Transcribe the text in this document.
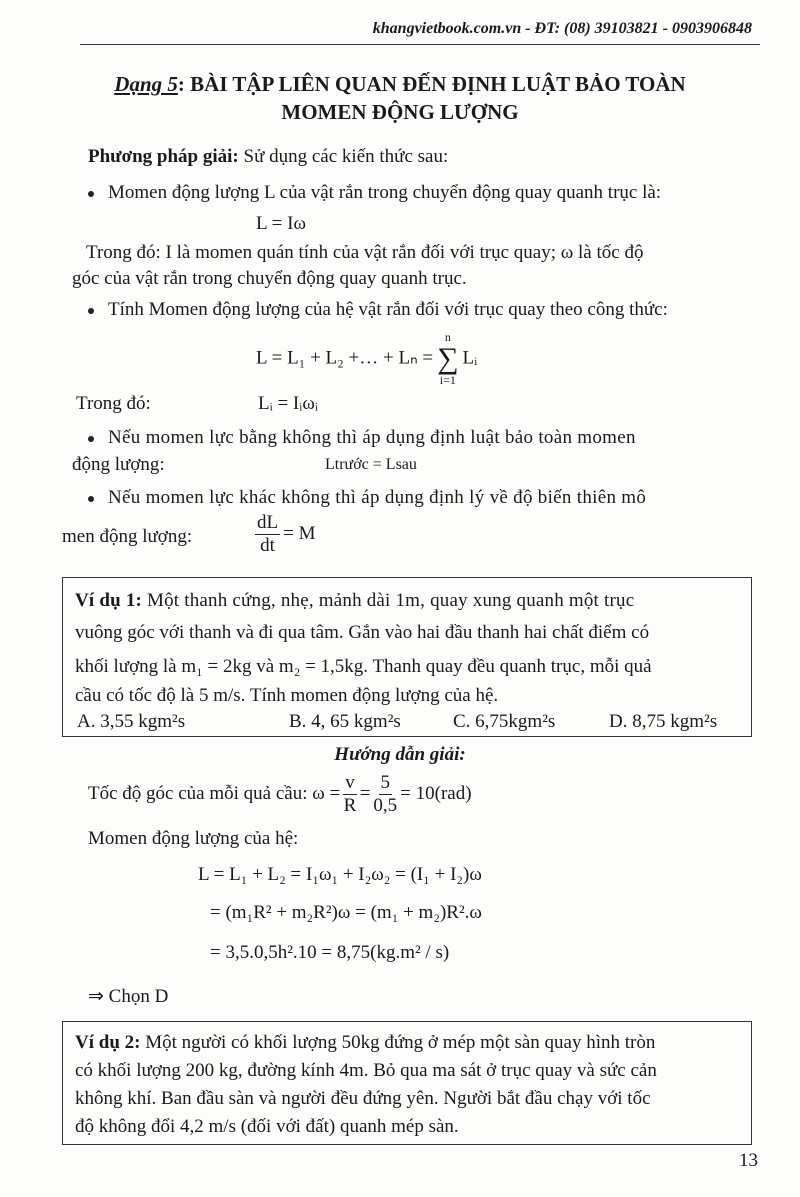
khangvietbook.com.vn - ĐT: (08) 39103821 - 0903906848
Dạng 5: BÀI TẬP LIÊN QUAN ĐẾN ĐỊNH LUẬT BẢO TOÀN
MOMEN ĐỘNG LƯỢNG
Phương pháp giải: Sử dụng các kiến thức sau:
Momen động lượng L của vật rắn trong chuyển động quay quanh trục là:
L = Iω
Trong đó: I là momen quán tính của vật rắn đối với trục quay; ω là tốc độ
góc của vật rắn trong chuyển động quay quanh trục.
Tính Momen động lượng của hệ vật rắn đối với trục quay theo công thức:
L = L₁ + L₂ +… + Lₙ =
n
∑
i=1
Lᵢ
Trong đó:	Lᵢ = Iᵢωᵢ
Nếu momen lực bằng không thì áp dụng định luật bảo toàn momen
động lượng:	Ltrước = Lsau
Nếu momen lực khác không thì áp dụng định lý về độ biến thiên mô
men động lượng:	$\frac{dL}{dt} = M$
Ví dụ 1: Một thanh cứng, nhẹ, mảnh dài 1m, quay xung quanh một trục
vuông góc với thanh và đi qua tâm. Gắn vào hai đầu thanh hai chất điểm có
khối lượng là m₁ = 2kg và m₂ = 1,5kg. Thanh quay đều quanh trục, mỗi quả
cầu có tốc độ là 5 m/s. Tính momen động lượng của hệ.
A. 3,55 kgm²s	B. 4, 65 kgm²s	C. 6,75kgm²s	D. 8,75 kgm²s
Hướng dẫn giải:
Tốc độ góc của mỗi quả cầu: $\omega = \frac{v}{R} = \frac{5}{0,5} = 10(rad)$
Momen động lượng của hệ:
L = L₁ + L₂ = I₁ω₁ + I₂ω₂ = (I₁ + I₂)ω
= (m₁R² + m₂R²)ω = (m₁ + m₂)R².ω
= 3,5.0,5h².10 = 8,75(kg.m² / s)
⇒ Chọn D
Ví dụ 2: Một người có khối lượng 50kg đứng ở mép một sàn quay hình tròn
có khối lượng 200 kg, đường kính 4m. Bỏ qua ma sát ở trục quay và sức cản
không khí. Ban đầu sàn và người đều đứng yên. Người bắt đầu chạy với tốc
độ không đổi 4,2 m/s (đối với đất) quanh mép sàn.
13
